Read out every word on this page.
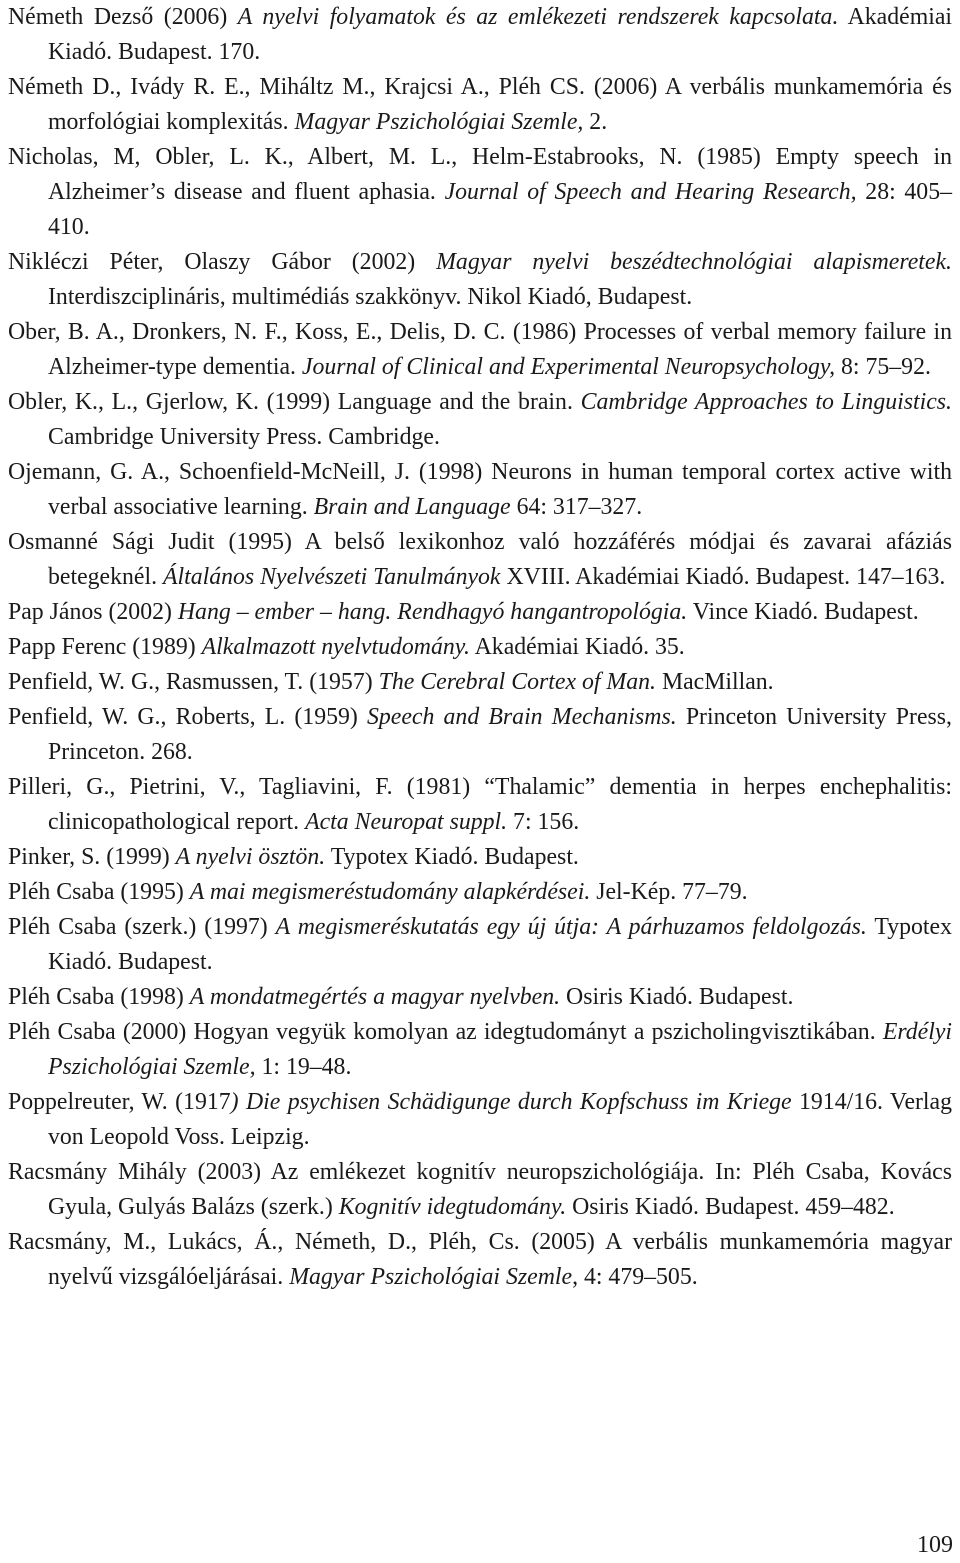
Németh Dezső (2006) A nyelvi folyamatok és az emlékezeti rendszerek kapcsolata. Akadémiai Kiadó. Budapest. 170.
Németh D., Ivády R. E., Miháltz M., Krajcsi A., Pléh CS. (2006) A verbális munkamemória és morfológiai komplexitás. Magyar Pszichológiai Szemle, 2.
Nicholas, M, Obler, L. K., Albert, M. L., Helm-Estabrooks, N. (1985) Empty speech in Alzheimer’s disease and fluent aphasia. Journal of Speech and Hearing Research, 28: 405–410.
Nikléczi Péter, Olaszy Gábor (2002) Magyar nyelvi beszédtechnológiai alapismeretek. Interdiszciplináris, multimédiás szakkönyv. Nikol Kiadó, Budapest.
Ober, B. A., Dronkers, N. F., Koss, E., Delis, D. C. (1986) Processes of verbal memory failure in Alzheimer-type dementia. Journal of Clinical and Experimental Neuropsychology, 8: 75–92.
Obler, K., L., Gjerlow, K. (1999) Language and the brain. Cambridge Approaches to Linguistics. Cambridge University Press. Cambridge.
Ojemann, G. A., Schoenfield-McNeill, J. (1998) Neurons in human temporal cortex active with verbal associative learning. Brain and Language 64: 317–327.
Osmanné Sági Judit (1995) A belső lexikonhoz való hozzáférés módjai és zavarai afáziás betegeknél. Általános Nyelvészeti Tanulmányok XVIII. Akadémiai Kiadó. Budapest. 147–163.
Pap János (2002) Hang – ember – hang. Rendhagyó hangantropológia. Vince Kiadó. Budapest.
Papp Ferenc (1989) Alkalmazott nyelvtudomány. Akadémiai Kiadó. 35.
Penfield, W. G., Rasmussen, T. (1957) The Cerebral Cortex of Man. MacMillan.
Penfield, W. G., Roberts, L. (1959) Speech and Brain Mechanisms. Princeton University Press, Princeton. 268.
Pilleri, G., Pietrini, V., Tagliavini, F. (1981) “Thalamic” dementia in herpes enchephalitis: clinicopathological report. Acta Neuropat suppl. 7: 156.
Pinker, S. (1999) A nyelvi ösztön. Typotex Kiadó. Budapest.
Pléh Csaba (1995) A mai megismeréstudomány alapkérdései. Jel-Kép. 77–79.
Pléh Csaba (szerk.) (1997) A megismeréskutatás egy új útja: A párhuzamos feldolgozás. Typotex Kiadó. Budapest.
Pléh Csaba (1998) A mondatmegértés a magyar nyelvben. Osiris Kiadó. Budapest.
Pléh Csaba (2000) Hogyan vegyük komolyan az idegtudományt a pszicholingvisztikában. Erdélyi Pszichológiai Szemle, 1: 19–48.
Poppelreuter, W. (1917) Die psychisen Schädigunge durch Kopfschuss im Kriege 1914/16. Verlag von Leopold Voss. Leipzig.
Racsmány Mihály (2003) Az emlékezet kognitív neuropszichológiája. In: Pléh Csaba, Kovács Gyula, Gulyás Balázs (szerk.) Kognitív idegtudomány. Osiris Kiadó. Budapest. 459–482.
Racsmány, M., Lukács, Á., Németh, D., Pléh, Cs. (2005) A verbális munkamemória magyar nyelvű vizsgálóeljárásai. Magyar Pszichológiai Szemle, 4: 479–505.
109
